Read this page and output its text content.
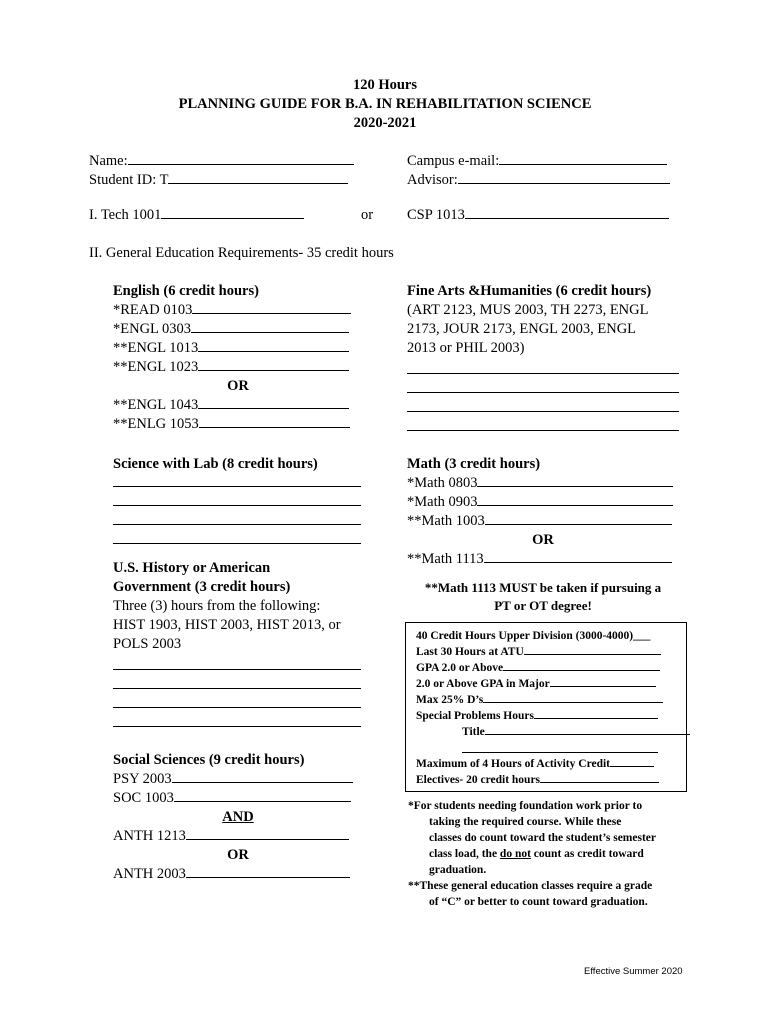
120 Hours
PLANNING GUIDE FOR B.A. IN REHABILITATION SCIENCE
2020-2021
Name:
Student ID: T
Campus e-mail:
Advisor:
I. Tech 1001	or CSP 1013
II. General Education Requirements- 35 credit hours
English (6 credit hours)
*READ 0103
*ENGL 0303
**ENGL 1013
**ENGL 1023
OR
**ENGL 1043
**ENLG 1053
Fine Arts &Humanities (6 credit hours)
(ART 2123, MUS 2003, TH 2273, ENGL
2173, JOUR 2173, ENGL 2003, ENGL
2013 or PHIL 2003)
Science with Lab (8 credit hours)	Math (3 credit hours)
*Math 0803
*Math 0903
**Math 1003
OR
**Math 1113
**Math 1113 MUST be taken if pursuing a
PT or OT degree!
U.S. History or American
Government (3 credit hours)
Three (3) hours from the following:
HIST 1903, HIST 2003, HIST 2013, or
POLS 2003	40 Credit Hours Upper Division (3000-4000)___
Last 30 Hours at ATU
GPA 2.0 or Above
2.0 or Above GPA in Major
Max 25% D’s
Special Problems Hours
Title
Maximum of 4 Hours of Activity Credit
Electives- 20 credit hours
Social Sciences (9 credit hours)
PSY 2003
SOC 1003
AND
ANTH 1213
OR
ANTH 2003
*For students needing foundation work prior to
taking the required course. While these
classes do count toward the student’s semester
class load, the do not count as credit toward
graduation.
**These general education classes require a grade
of “C” or better to count toward graduation.
Effective Summer 2020
